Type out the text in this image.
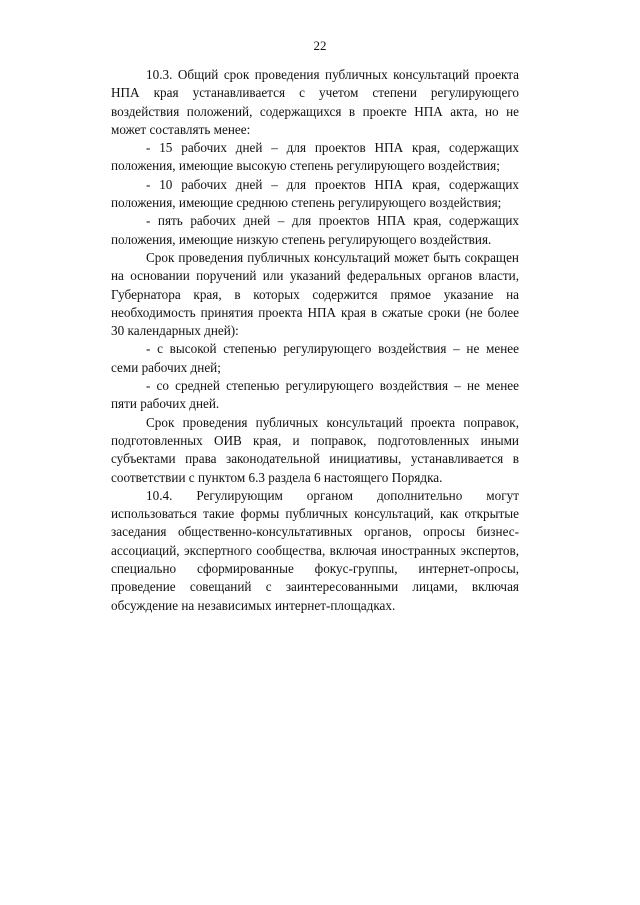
22

10.3. Общий срок проведения публичных консультаций проекта НПА края устанавливается с учетом степени регулирующего воздействия положений, содержащихся в проекте НПА акта, но не может составлять менее:

- 15 рабочих дней – для проектов НПА края, содержащих положения, имеющие высокую степень регулирующего воздействия;

- 10 рабочих дней – для проектов НПА края, содержащих положения, имеющие среднюю степень регулирующего воздействия;

- пять рабочих дней – для проектов НПА края, содержащих положения, имеющие низкую степень регулирующего воздействия.

Срок проведения публичных консультаций может быть сокращен на основании поручений или указаний федеральных органов власти, Губернатора края, в которых содержится прямое указание на необходимость принятия проекта НПА края в сжатые сроки (не более 30 календарных дней):

- с высокой степенью регулирующего воздействия – не менее семи рабочих дней;

- со средней степенью регулирующего воздействия – не менее пяти рабочих дней.

Срок проведения публичных консультаций проекта поправок, подготовленных ОИВ края, и поправок, подготовленных иными субъектами права законодательной инициативы, устанавливается в соответствии с пунктом 6.3 раздела 6 настоящего Порядка.

10.4. Регулирующим органом дополнительно могут использоваться такие формы публичных консультаций, как открытые заседания общественно-консультативных органов, опросы бизнес-ассоциаций, экспертного сообщества, включая иностранных экспертов, специально сформированные фокус-группы, интернет-опросы, проведение совещаний с заинтересованными лицами, включая обсуждение на независимых интернет-площадках.
